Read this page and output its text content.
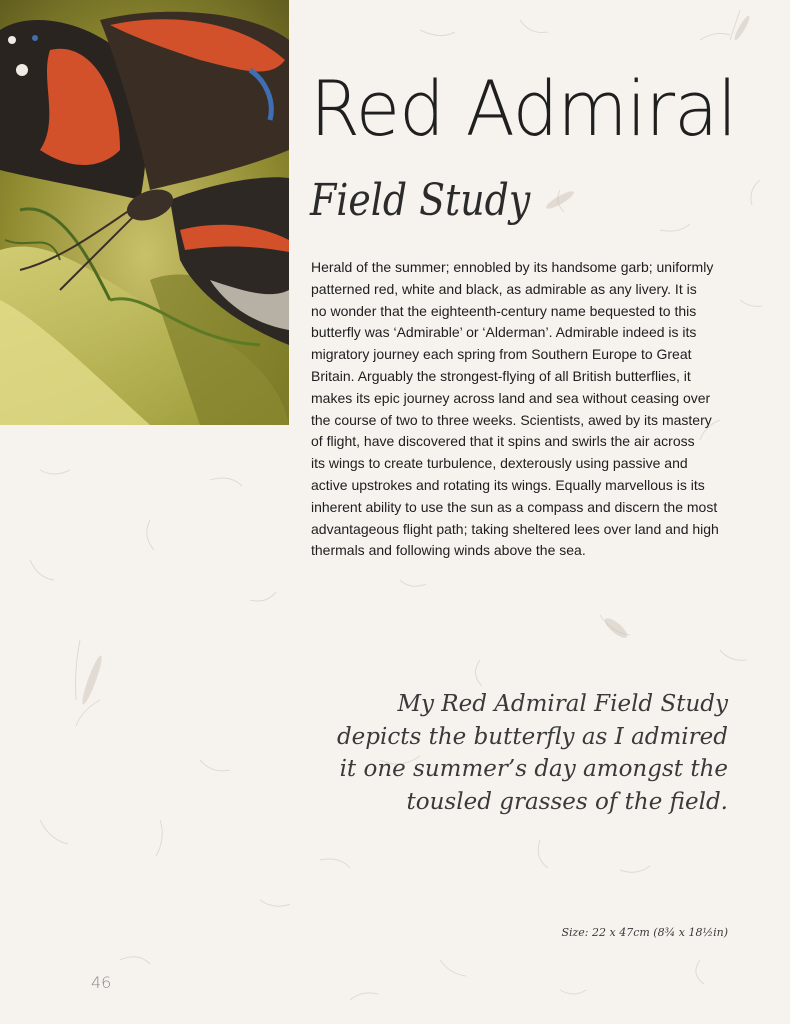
Red Admiral
Field Study

Herald of the summer; ennobled by its handsome garb; uniformly
patterned red, white and black, as admirable as any livery. It is
no wonder that the eighteenth-century name bequested to this
butterfly was ‘Admirable’ or ‘Alderman’. Admirable indeed is its
migratory journey each spring from Southern Europe to Great
Britain. Arguably the strongest-flying of all British butterflies, it
makes its epic journey across land and sea without ceasing over
the course of two to three weeks. Scientists, awed by its mastery
of flight, have discovered that it spins and swirls the air across
its wings to create turbulence, dexterously using passive and
active upstrokes and rotating its wings. Equally marvellous is its
inherent ability to use the sun as a compass and discern the most
advantageous flight path; taking sheltered lees over land and high
thermals and following winds above the sea.

My Red Admiral Field Study
depicts the butterfly as I admired
it one summer’s day amongst the
tousled grasses of the field.

Size: 22 x 47cm (8¾ x 18½in)

46
